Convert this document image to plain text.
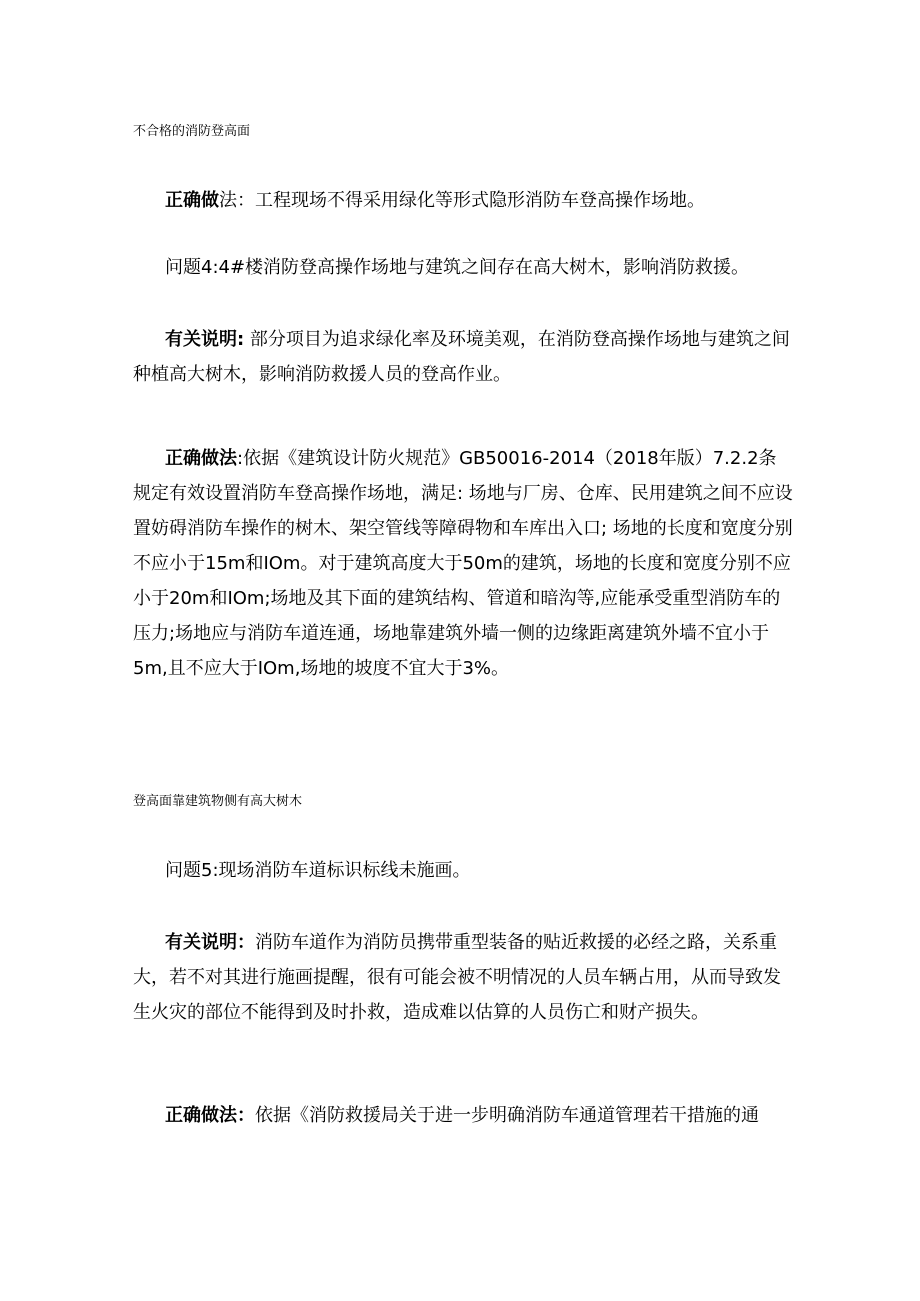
不合格的消防登高面

正确做法：工程现场不得采用绿化等形式隐形消防车登高操作场地。

问题4:4#楼消防登高操作场地与建筑之间存在高大树木，影响消防救援。

有关说明: 部分项目为追求绿化率及环境美观，在消防登高操作场地与建筑之间种植高大树木，影响消防救援人员的登高作业。

正确做法:依据《建筑设计防火规范》GB50016-2014（2018年版）7.2.2条规定有效设置消防车登高操作场地，满足: 场地与厂房、仓库、民用建筑之间不应设置妨碍消防车操作的树木、架空管线等障碍物和车库出入口; 场地的长度和宽度分别不应小于15m和IOm。对于建筑高度大于50m的建筑，场地的长度和宽度分别不应小于20m和IOm;场地及其下面的建筑结构、管道和暗沟等,应能承受重型消防车的压力;场地应与消防车道连通，场地靠建筑外墙一侧的边缘距离建筑外墙不宜小于5m,且不应大于IOm,场地的坡度不宜大于3%。

登高面靠建筑物侧有高大树木

问题5:现场消防车道标识标线未施画。

有关说明：消防车道作为消防员携带重型装备的贴近救援的必经之路，关系重大，若不对其进行施画提醒，很有可能会被不明情况的人员车辆占用，从而导致发生火灾的部位不能得到及时扑救，造成难以估算的人员伤亡和财产损失。

正确做法：依据《消防救援局关于进一步明确消防车通道管理若干措施的通
